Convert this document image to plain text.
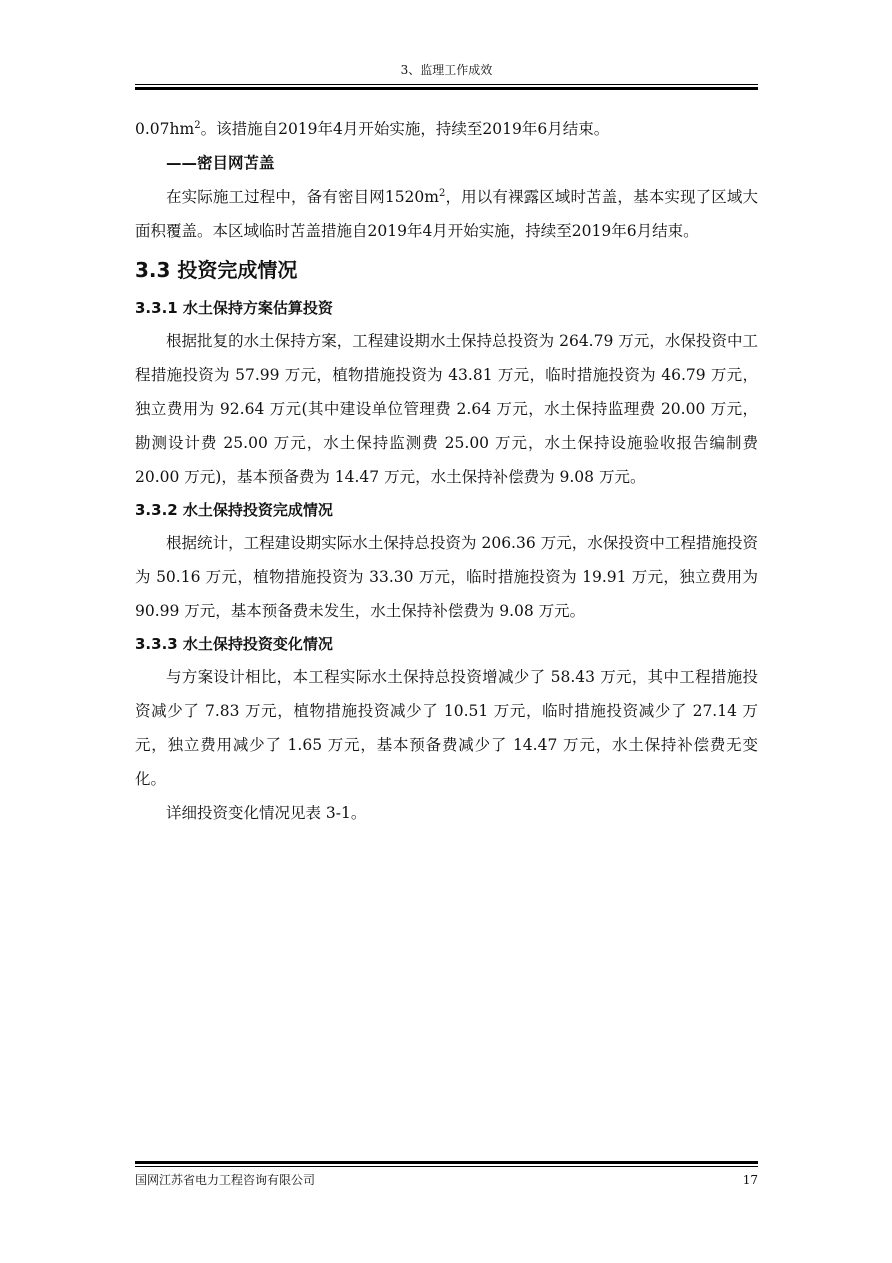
3、监理工作成效

$0.07hm^2$。该措施自2019年4月开始实施，持续至2019年6月结束。

——密目网苫盖

在实际施工过程中，备有密目网$1520m^2$，用以有裸露区域时苫盖，基本实现了区域大面积覆盖。本区域临时苫盖措施自2019年4月开始实施，持续至2019年6月结束。

3.3 投资完成情况

3.3.1 水土保持方案估算投资

根据批复的水土保持方案，工程建设期水土保持总投资为 264.79 万元，水保投资中工程措施投资为 57.99 万元，植物措施投资为 43.81 万元，临时措施投资为 46.79 万元，独立费用为 92.64 万元(其中建设单位管理费 2.64 万元，水土保持监理费 20.00 万元，勘测设计费 25.00 万元，水土保持监测费 25.00 万元，水土保持设施验收报告编制费 20.00 万元)，基本预备费为 14.47 万元，水土保持补偿费为 9.08 万元。

3.3.2 水土保持投资完成情况

根据统计，工程建设期实际水土保持总投资为 206.36 万元，水保投资中工程措施投资为 50.16 万元，植物措施投资为 33.30 万元，临时措施投资为 19.91 万元，独立费用为 90.99 万元，基本预备费未发生，水土保持补偿费为 9.08 万元。

3.3.3 水土保持投资变化情况

与方案设计相比，本工程实际水土保持总投资增减少了 58.43 万元，其中工程措施投资减少了 7.83 万元，植物措施投资减少了 10.51 万元，临时措施投资减少了 27.14 万元，独立费用减少了 1.65 万元，基本预备费减少了 14.47 万元，水土保持补偿费无变化。

详细投资变化情况见表 3-1。

国网江苏省电力工程咨询有限公司	17
